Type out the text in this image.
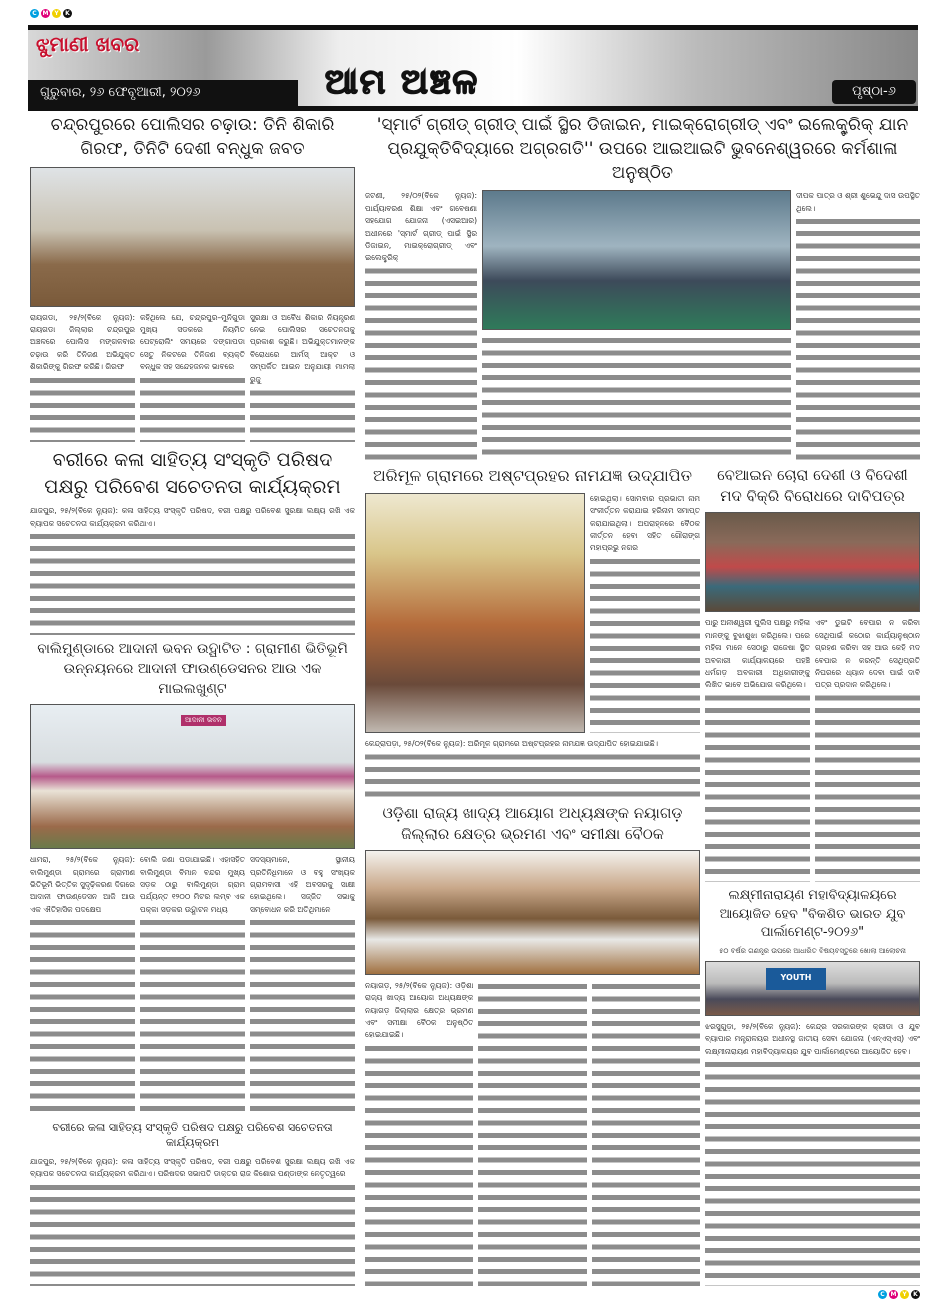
C M Y	K
C M Y	K
ଝୁମାଣୀ ଖବର
ଗୁରୁବାର, ୨୬ ଫେବୃଆରୀ, ୨୦୨୬	ଆମ ଅଞ୍ଚଳ	ପୃଷ୍ଠା-୬
ଚନ୍ଦ୍ରପୁରରେ ପୋଲିସର ଚଢ଼ାଉ: ତିନି ଶିକାରି ଗିରଫ, ତିନିଟି ଦେଶୀ ବନ୍ଧୁକ ଜବତ

ରାୟଗଡା, ୨୫/୨(ବିକେ ନ୍ୟୁଜ): ରାୟଗଡା ଜିଲ୍ଲାର ଚନ୍ଦ୍ରପୁର ଅଞ୍ଚଳରେ ପୋଲିସ ମଙ୍ଗଳବାର ଚଢ଼ାଉ କରି ତିନିଜଣ ଅଭିଯୁକ୍ତ ଶିକାରିଙ୍କୁ ଗିରଫ କରିଛି। ଗିରଫ

କହିଥିଲେ ଯେ, ଚନ୍ଦ୍ରପୁର–ମୁନିଗୁଡା ମୁଖ୍ୟ ସଡକରେ ନିୟମିତ ପେଟ୍ରୋଲିଂ ସମୟରେ ଦଙ୍ଗାପଡା ସେତୁ ନିକଟରେ ତିନିଜଣ ବ୍ୟକ୍ତି ବନ୍ଧୁକ ସହ ସନ୍ଦେହଜନକ ଭାବରେ

ସୁରକ୍ଷା ଓ ଅବୈଧ ଶିକାର ନିୟନ୍ତ୍ରଣ ନେଇ ପୋଲିସର ସଚେତନତାକୁ ପ୍ରକାଶ କରୁଛି। ଅଭିଯୁକ୍ତମାନଙ୍କ ବିରୋଧରେ ଆର୍ମସ୍ ଆକ୍ଟ ଓ ସମ୍ପର୍କିତ ଆଇନ ଅନୁଯାୟୀ ମାମଲା ରୁଜୁ

ବରୀରେ କଳା ସାହିତ୍ୟ ସଂସ୍କୃତି ପରିଷଦ ପକ୍ଷରୁ ପରିବେଶ ସଚେତନତା କାର୍ଯ୍ୟକ୍ରମ

ଯାଜପୁର, ୨୫/୨(ବିକେ ନ୍ୟୁଜ): କଳା ସାହିତ୍ୟ ସଂସ୍କୃତି ପରିଷଦ, ବରୀ ପକ୍ଷରୁ ପରିବେଶ ସୁରକ୍ଷା ଲକ୍ଷ୍ୟ ରଖି ଏକ ବ୍ୟାପକ ସଚେତନତା କାର୍ଯ୍ୟକ୍ରମ କରିଥାଏ।

ବାଲିମୁଣ୍ଡାରେ ଆଦାନୀ ଭବନ ଉଦ୍ଘାଟିତ : ଗ୍ରାମୀଣ ଭିତିଭୂମି ଉନ୍ନୟନରେ ଆଦାନୀ ଫାଉଣ୍ଡେସନର ଆଉ ଏକ ମାଇଲଖୁଣ୍ଟ
ଆଦାନୀ ଭବନ

ଧାମରା, ୨୫/୨(ବିକେ ନ୍ୟୁଜ): ବାଲିମୁଣ୍ଡା ଗ୍ରାମରେ ଗ୍ରାମୀଣ ଭିତିଭୂମି ଭିତ୍ତିକ ସୁଦୃଢ଼ିକରଣ ଦିଗରେ ଆଦାନୀ ଫାଉଣ୍ଡେସନ ଆଜି ଆଉ ଏକ ଐତିହାସିକ ପଦକ୍ଷେପ

ବୋଲି ଜଣା ପଡାଯାଇଛି। ଏହାସହିତ ବାଲିମୁଣ୍ଡା ବିମାନ ବନ୍ଦର ମୁଖ୍ୟ ସଡ଼କ ଠାରୁ ବାଲିମୁଣ୍ଡା ଗ୍ରାମ ପର୍ଯ୍ୟନ୍ତ ୧୨୦୦ ମିଟର ଲମ୍ବ ଏକ ପକ୍କା ସଡ଼କର ଉଦ୍ଘାଟନ ମଧ୍ୟ

ସଦସ୍ୟମାନେ, ସ୍ଥାନୀୟ ପ୍ରତିନିଧିମାନେ ଓ ବହୁ ସଂଖ୍ୟକ ଗ୍ରାମବାସୀ ଏହି ଅବସରକୁ ସାକ୍ଷୀ ହୋଇଥିଲେ। ସଜ୍ଜିତ ସଭାକୁ ସମ୍ବୋଧନ କରି ଅତିଥିମାନେ

ବରୀରେ କଳା ସାହିତ୍ୟ ସଂସ୍କୃତି ପରିଷଦ ପକ୍ଷରୁ ପରିବେଶ ସଚେତନତା କାର୍ଯ୍ୟକ୍ରମ

ଯାଜପୁର, ୨୫/୨(ବିକେ ନ୍ୟୁଜ): କଳା ସାହିତ୍ୟ ସଂସ୍କୃତି ପରିଷଦ, ବରୀ ପକ୍ଷରୁ ପରିବେଶ ସୁରକ୍ଷା ଲକ୍ଷ୍ୟ ରଖି ଏକ ବ୍ୟାପକ ସଚେତନତା କାର୍ଯ୍ୟକ୍ରମ କରିଥାଏ। ପରିଷଦର ସଭାପତି ଡାକ୍ତର ରାଜ କିଶୋର ପଣ୍ଡାଙ୍କ ନେତୃତ୍ୱରେ

'ସ୍ମାର୍ଟ ଗ୍ରୀଡ୍ ଗ୍ରୀଡ୍ ପାଇଁ ସ୍ଥିର ଡିଜାଇନ, ମାଇକ୍ରୋଗ୍ରୀଡ୍ ଏବଂ ଇଲେକ୍ଟ୍ରିକ୍ ଯାନ ପ୍ରଯୁକ୍ତିବିଦ୍ୟାରେ ଅଗ୍ରଗତି'' ଉପରେ ଆଇଆଇଟି ଭୁବନେଶ୍ୱରରେ କର୍ମଶାଳା ଅନୁଷ୍ଠିତ

ଜଟଣୀ, ୨୫/୦୨(ବିକେ ନ୍ୟୁଜ): ପାର୍ଯ୍ୟାବରଣ ଶିକ୍ଷା ଏବଂ ଗବେଷଣା ସହଯୋଗ ଯୋଜନା (ଏସଇଆର) ଅଧୀନରେ 'ସ୍ମାର୍ଟ ଗ୍ରୀଡ୍ ପାଇଁ ସ୍ଥିର ଡିଜାଇନ, ମାଇକ୍ରୋଗ୍ରୀଡ୍ ଏବଂ ଇଲେକ୍ଟ୍ରିକ୍

ଦୀପକ ପାତ୍ର ଓ ଶ୍ରୀ ଶୁଭେନ୍ଦୁ ଦାସ ଉପସ୍ଥିତ ଥିଲେ।

ଅରିମୂଳ ଗ୍ରାମରେ ଅଷ୍ଟପ୍ରହର ନାମଯଜ୍ଞ ଉଦ୍ଯାପିତ

ହୋଇଥିଲା। ସୋମବାର ପ୍ରଭାତୀ ନାମ ସଂକୀର୍ତ୍ତନ କରାଯାଇ ହରିନାମ ସମାପ୍ତ କରାଯାଇଥିଲା। ଅପରାହ୍ନରେ ବୈଠକ କୀର୍ତ୍ତନ ହେବା ସହିତ ଗୌରାଙ୍ଗ ମହାପ୍ରଭୁ ନଗର

କେନ୍ଦ୍ରାପଡ଼ା, ୨୫/୦୨(ବିକେ ନ୍ୟୁଜ): ଅରିମୂଳ ଗ୍ରାମରେ ଅଷ୍ଟପ୍ରହର ନାମଯଜ୍ଞ ଉଦ୍ଯାପିତ ହୋଇଯାଇଛି।

ଓଡ଼ିଶା ରାଜ୍ୟ ଖାଦ୍ୟ ଆୟୋଗ ଅଧ୍ୟକ୍ଷଙ୍କ ନୟାଗଡ଼ ଜିଲ୍ଲାର କ୍ଷେତ୍ର ଭ୍ରମଣ ଏବଂ ସମୀକ୍ଷା ବୈଠକ

ନୟାଗଡ଼, ୨୫/୨(ବିକେ ନ୍ୟୁଜ): ଓଡ଼ିଶା ରାଜ୍ୟ ଖାଦ୍ୟ ଆୟୋଗ ଅଧ୍ୟକ୍ଷଙ୍କ ନୟାଗଡ଼ ଜିଲ୍ଲାର କ୍ଷେତ୍ର ଭ୍ରମଣ ଏବଂ ସମୀକ୍ଷା ବୈଠକ ଅନୁଷ୍ଠିତ ହୋଇଯାଇଛି।

ବେଆଇନ ଚୋରା ଦେଶୀ ଓ ବିଦେଶୀ ମଦ ବିକ୍ରି ବିରୋଧରେ ଦାବିପତ୍ର

ପାରୁ ଅନୀଶ୍ୱରୀ ପୁଲିସ ପକ୍ଷରୁ ମହିଳା ମାନଙ୍କୁ ବୁଝାଶୁଝା କରିଥିଲେ। ପରେ ମହିଳା ମାନେ ସେଠାରୁ ରାଜେଷା ସ୍ଥିତ ଅବକାରୀ କାର୍ଯ୍ୟାଳୟରେ ପହଞ୍ଚି ଧର୍ମଗଡ଼ ଅବକାରୀ ଅଧିକାରୀଙ୍କୁ ଲିଖିତ ଭାବେ ଅଭିଯୋଗ କରିଥିଲେ।

ଏବଂ ଡୁଇଟି ବେପାର ନ କରିବା ସେଥିପାଇଁ କଠୋର କାର୍ଯ୍ୟାନୁଷ୍ଠାନ ଗ୍ରହଣ କରିବା ସହ ଆଉ କେହି ମଦ ବେପାର ନ କରନ୍ତି ସେଥିପ୍ରତି ନିଘରରେ ଧ୍ୟାନ ଦେବା ପାଇଁ ଦାବି ପତ୍ର ପ୍ରଦାନ କରିଥିଲେ।

ଲକ୍ଷ୍ମୀନାରାୟଣ ମହାବିଦ୍ୟାଳୟରେ ଆୟୋଜିତ ହେବ "ବିକଶିତ ଭାରତ ଯୁବ ପାର୍ଲାମେଣ୍ଟ-୨୦୨୬"
୫୦ ବର୍ଷର ଗଣନ୍ତ୍ର ଉପରେ ଆଧାରିତ ବିଷୟବସ୍ତୁରେ ଖୋଲା ଆଲୋଚନା
YOUTH

ଝରସୁଗୁଡ଼ା, ୨୫/୨(ବିକେ ନ୍ୟୁଜ): କେନ୍ଦ୍ର ସରକାରଙ୍କ କ୍ରୀଡା ଓ ଯୁବ ବ୍ୟାପାର ମନ୍ତ୍ରାଳୟର ଅଧୀନସ୍ଥ ଜାତୀୟ ସେବା ଯୋଜନା (ଏନ୍ଏସ୍ଏସ୍) ଏବଂ ଲକ୍ଷ୍ମୀନାରାୟଣ ମହାବିଦ୍ୟାଳୟର ଯୁବ ପାର୍ଲାମେଣ୍ଟରେ ଆୟୋଜିତ ହେବ।
